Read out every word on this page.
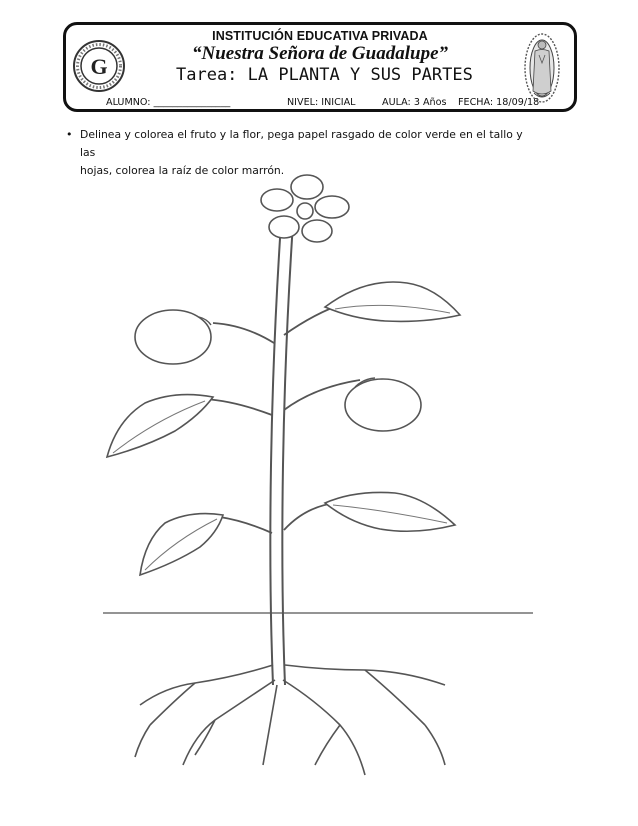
G
INSTITUCIÓN EDUCATIVA PRIVADA
“Nuestra Señora de Guadalupe”
Tarea: LA PLANTA Y SUS PARTES
ALUMNO: ________________	NIVEL: INICIAL	AULA: 3 Años FECHA: 18/09/18
• Delinea y colorea el fruto y la flor, pega papel rasgado de color verde en el tallo y las
hojas, colorea la raíz de color marrón.
